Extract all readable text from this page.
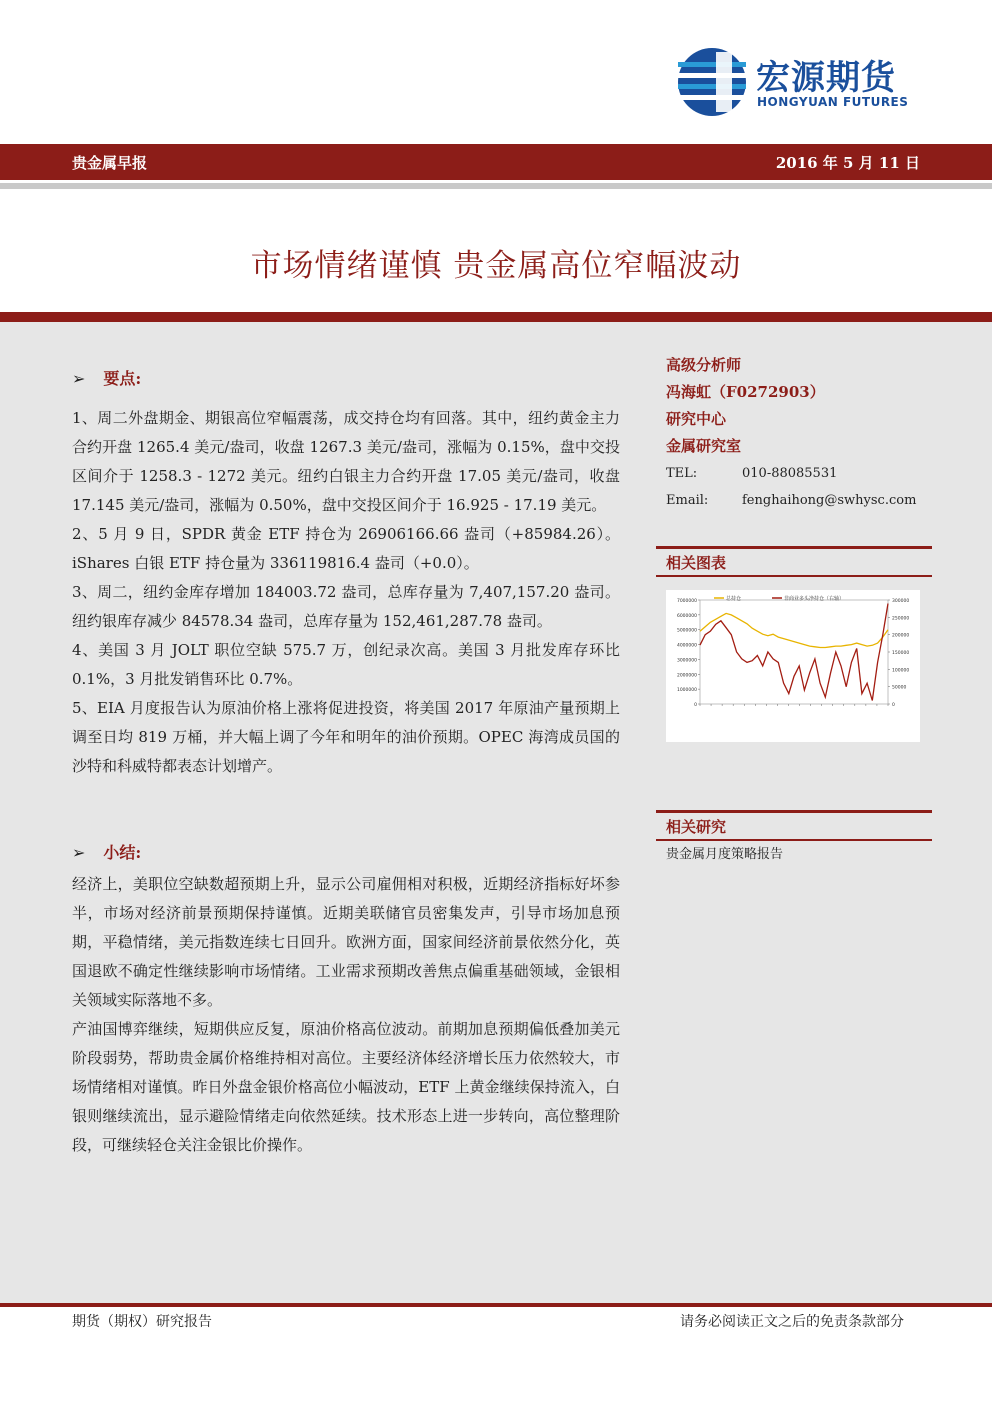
宏源期货
HONGYUAN FUTURES
贵金属早报	2016 年 5 月 11 日
市场情绪谨慎 贵金属高位窄幅波动
➢ 要点:

1、周二外盘期金、期银高位窄幅震荡，成交持仓均有回落。其中，纽约黄金主力合约开盘 1265.4 美元/盎司，收盘 1267.3 美元/盎司，涨幅为 0.15%，盘中交投区间介于 1258.3 - 1272 美元。纽约白银主力合约开盘 17.05 美元/盎司，收盘 17.145 美元/盎司，涨幅为 0.50%，盘中交投区间介于 16.925 - 17.19 美元。

2、5 月 9 日，SPDR 黄金 ETF 持仓为 26906166.66 盎司（+85984.26）。iShares 白银 ETF 持仓量为 336119816.4 盎司（+0.0）。

3、周二，纽约金库存增加 184003.72 盎司，总库存量为 7,407,157.20 盎司。纽约银库存减少 84578.34 盎司，总库存量为 152,461,287.78 盎司。

4、美国 3 月 JOLT 职位空缺 575.7 万，创纪录次高。美国 3 月批发库存环比 0.1%，3 月批发销售环比 0.7%。

5、EIA 月度报告认为原油价格上涨将促进投资，将美国 2017 年原油产量预期上调至日均 819 万桶，并大幅上调了今年和明年的油价预期。OPEC 海湾成员国的沙特和科威特都表态计划增产。

➢ 小结:

经济上，美职位空缺数超预期上升，显示公司雇佣相对积极，近期经济指标好坏参半，市场对经济前景预期保持谨慎。近期美联储官员密集发声，引导市场加息预期，平稳情绪，美元指数连续七日回升。欧洲方面，国家间经济前景依然分化，英国退欧不确定性继续影响市场情绪。工业需求预期改善焦点偏重基础领域，金银相关领域实际落地不多。

产油国博弈继续，短期供应反复，原油价格高位波动。前期加息预期偏低叠加美元阶段弱势，帮助贵金属价格维持相对高位。主要经济体经济增长压力依然较大，市场情绪相对谨慎。昨日外盘金银价格高位小幅波动，ETF 上黄金继续保持流入，白银则继续流出，显示避险情绪走向依然延续。技术形态上进一步转向，高位整理阶段，可继续轻仓关注金银比价操作。

高级分析师
冯海虹（F0272903）
研究中心
金属研究室
TEL:	010-88085531
Email:	fenghaihong@swhysc.com
相关图表
0
1000000
2000000
3000000
4000000
5000000
6000000
7000000
0
50000
100000
150000
200000
250000
300000
总持仓	非商业多头净持仓（右轴）
相关研究
贵金属月度策略报告
期货（期权）研究报告	请务必阅读正文之后的免责条款部分
